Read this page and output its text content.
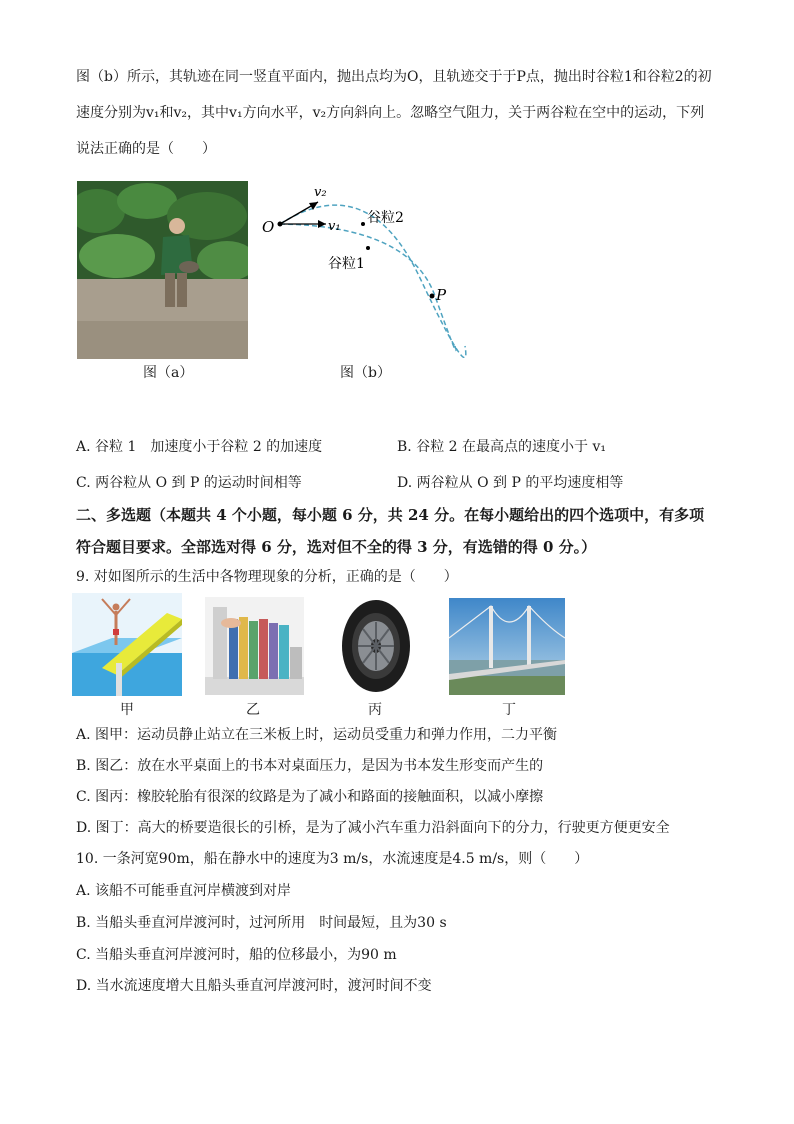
图（b）所示，其轨迹在同一竖直平面内，抛出点均为O，且轨迹交于于P点，抛出时谷粒1和谷粒2的初
速度分别为v₁和v₂，其中v₁方向水平，v₂方向斜向上。忽略空气阻力，关于两谷粒在空中的运动，下列
说法正确的是（　　）
图（a）
O
P
v₁
v₂
谷粒2
谷粒1
图（b）
A. 谷粒 1　加速度小于谷粒 2 的加速度	B. 谷粒 2 在最高点的速度小于 v₁
C. 两谷粒从 O 到 P 的运动时间相等	D. 两谷粒从 O 到 P 的平均速度相等
二、多选题（本题共 4 个小题，每小题 6 分，共 24 分。在每小题给出的四个选项中，有多项
符合题目要求。全部选对得 6 分，选对但不全的得 3 分，有选错的得 0 分。）
9. 对如图所示的生活中各物理现象的分析，正确的是（　　）
甲	乙	丙	丁
A. 图甲：运动员静止站立在三米板上时，运动员受重力和弹力作用，二力平衡
B. 图乙：放在水平桌面上的书本对桌面压力，是因为书本发生形变而产生的
C. 图丙：橡胶轮胎有很深的纹路是为了减小和路面的接触面积，以减小摩擦
D. 图丁：高大的桥要造很长的引桥，是为了减小汽车重力沿斜面向下的分力，行驶更方便更安全
10. 一条河宽90m，船在静水中的速度为3 m/s，水流速度是4.5 m/s，则（　　）
A. 该船不可能垂直河岸横渡到对岸
B. 当船头垂直河岸渡河时，过河所用　时间最短，且为30 s
C. 当船头垂直河岸渡河时，船的位移最小，为90 m
D. 当水流速度增大且船头垂直河岸渡河时，渡河时间不变
